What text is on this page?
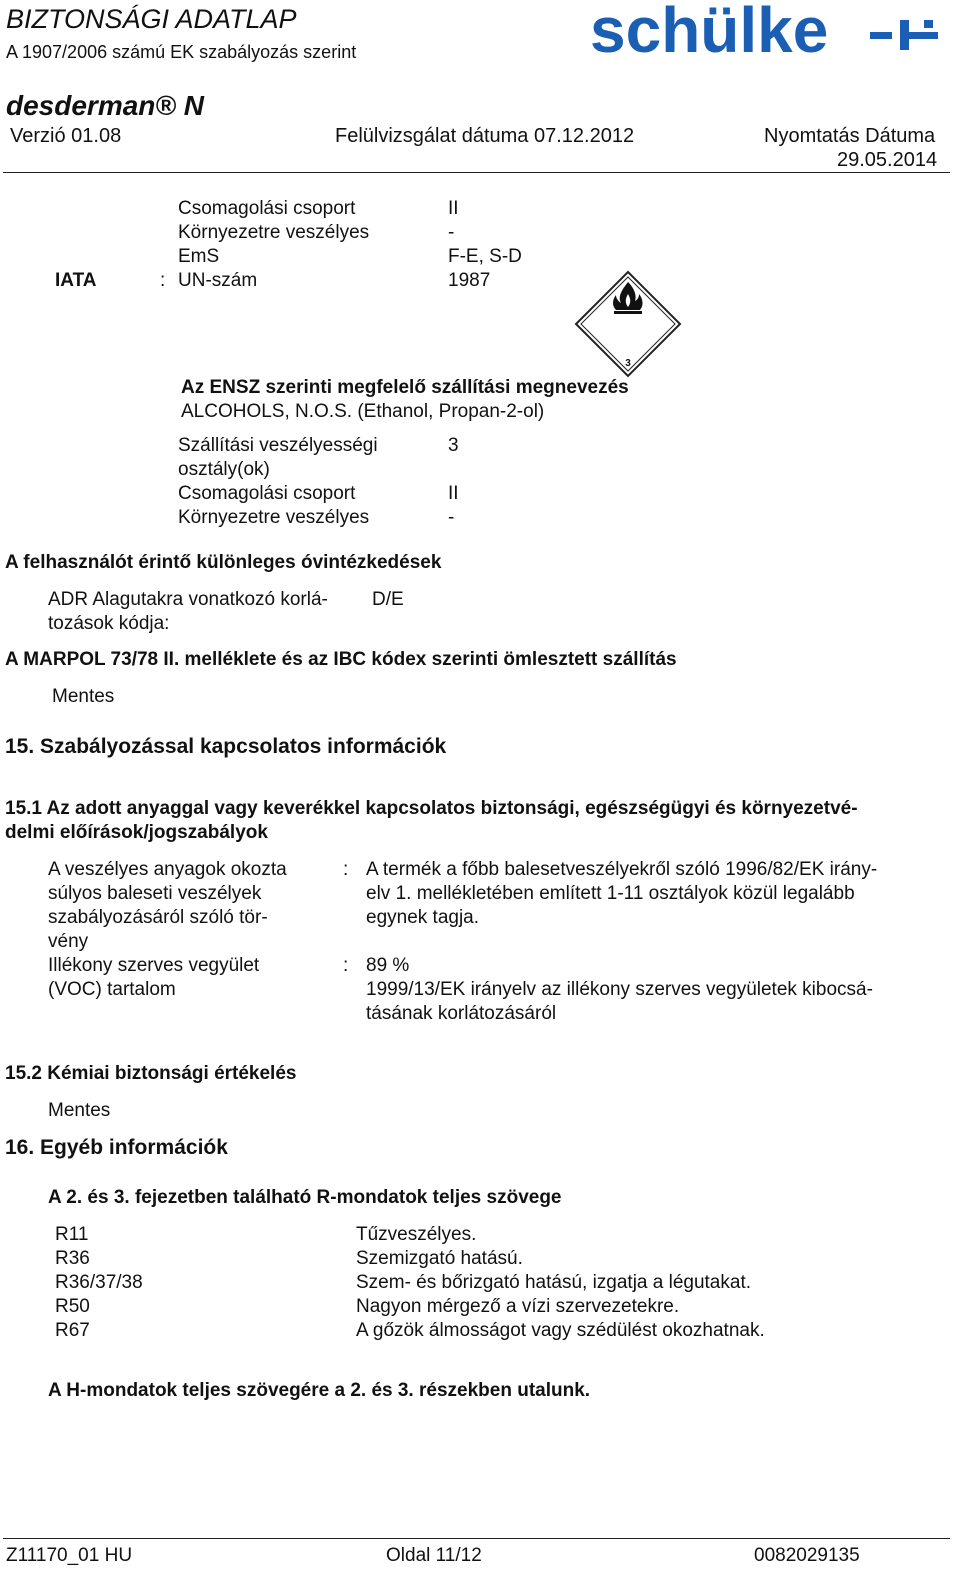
BIZTONSÁGI ADATLAP
A 1907/2006 számú EK szabályozás szerint	schülke
desderman® N
Verzió 01.08	Felülvizsgálat dátuma 07.12.2012	Nyomtatás Dátuma
29.05.2014
Csomagolási csoport	II
Környezetre veszélyes	-
EmS	F-E, S-D
IATA	: UN-szám	1987
3
Az ENSZ szerinti megfelelő szállítási megnevezés
ALCOHOLS, N.O.S. (Ethanol, Propan-2-ol)
Szállítási veszélyességi
osztály(ok)
3
Csomagolási csoport	II
Környezetre veszélyes	-
A felhasználót érintő különleges óvintézkedések
ADR Alagutakra vonatkozó korlá-
tozások kódja:
D/E
A MARPOL 73/78 II. melléklete és az IBC kódex szerinti ömlesztett szállítás
Mentes
15. Szabályozással kapcsolatos információk
15.1 Az adott anyaggal vagy keverékkel kapcsolatos biztonsági, egészségügyi és környezetvé-
delmi előírások/jogszabályok
A veszélyes anyagok okozta
súlyos baleseti veszélyek
szabályozásáról szóló tör-
vény
: A termék a főbb balesetveszélyekről szóló 1996/82/EK irány-
elv 1. mellékletében említett 1-11 osztályok közül legalább
egynek tagja.
Illékony szerves vegyület
(VOC) tartalom
: 89 %
1999/13/EK irányelv az illékony szerves vegyületek kibocsá-
tásának korlátozásáról
15.2 Kémiai biztonsági értékelés
Mentes
16. Egyéb információk
A 2. és 3. fejezetben található R-mondatok teljes szövege
R11	Tűzveszélyes.
R36	Szemizgató hatású.
R36/37/38	Szem- és bőrizgató hatású, izgatja a légutakat.
R50	Nagyon mérgező a vízi szervezetekre.
R67	A gőzök álmosságot vagy szédülést okozhatnak.
A H-mondatok teljes szövegére a 2. és 3. részekben utalunk.
Z11170_01 HU	Oldal 11/12	0082029135
